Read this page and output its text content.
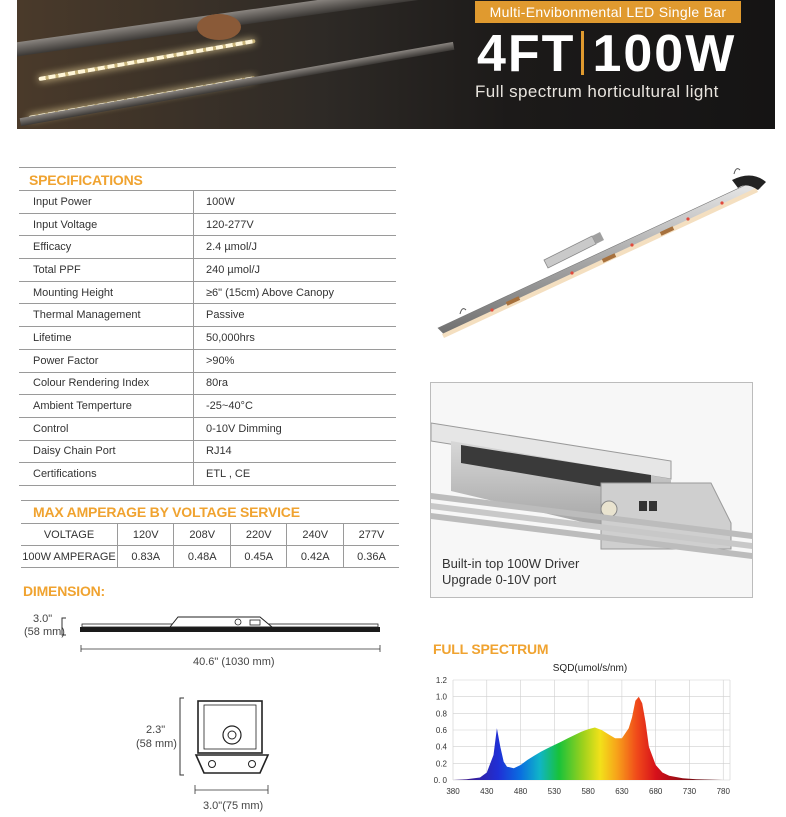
Multi-Envibonmental LED Single Bar
4FT 100W
Full spectrum horticultural light
SPECIFICATIONS
Input Power	100W
Input Voltage	120-277V
Efficacy	2.4 µmol/J
Total PPF	240 µmol/J
Mounting Height	≥6" (15cm) Above Canopy
Thermal Management	Passive
Lifetime	50,000hrs
Power Factor	>90%
Colour Rendering Index	80ra
Ambient Temperture	-25~40°C
Control	0-10V Dimming
Daisy Chain Port	RJ14
Certifications	ETL , CE
MAX AMPERAGE BY VOLTAGE SERVICE
VOLTAGE	120V	208V	220V	240V	277V
100W AMPERAGE	0.83A	0.48A	0.45A	0.42A	0.36A
DIMENSION:
3.0"
(58 mm)
40.6" (1030 mm)
2.3"
(58 mm)
3.0"(75 mm)
Built-in top 100W Driver
Upgrade 0-10V port
FULL SPECTRUM
SQD(umol/s/nm)
0. 0
0.2
0.4
0.6
0.8
1.0
1.2
380	430	480	530	580	630	680	730	780
